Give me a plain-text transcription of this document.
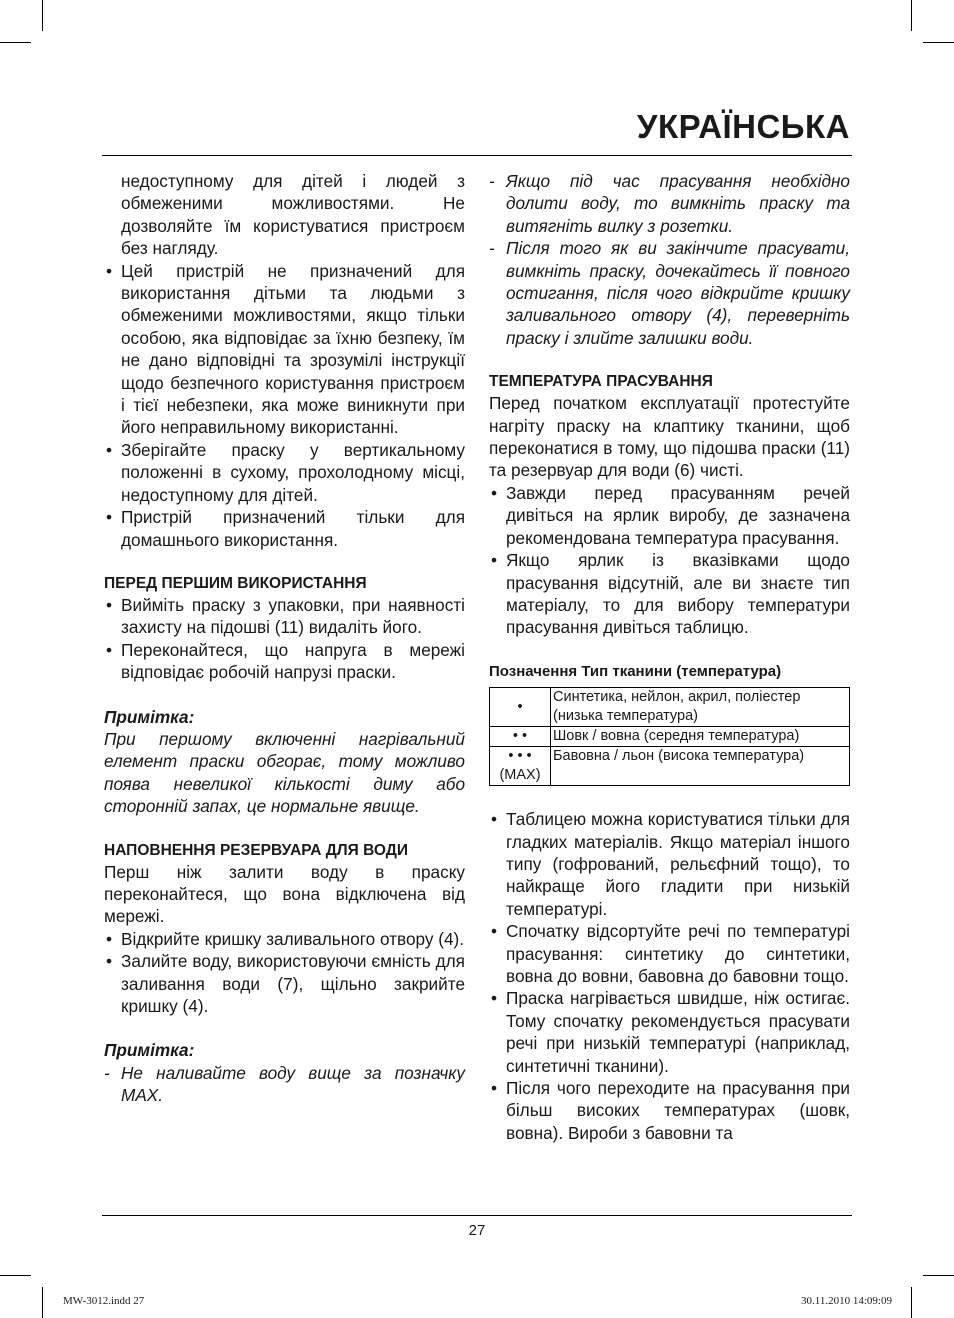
УКРАЇНСЬКА

недоступному для дітей і людей з обмеженими можливостями. Не дозволяйте їм користуватися пристроєм без нагляду.

• Цей пристрій не призначений для використання дітьми та людьми з обмеженими можливостями, якщо тільки особою, яка відповідає за їхню безпеку, їм не дано відповідні та зрозумілі інструкції щодо безпечного користування пристроєм і тієї небезпеки, яка може виникнути при його неправильному використанні.
• Зберігайте праску у вертикальному положенні в сухому, прохолодному місці, недоступному для дітей.
• Пристрій призначений тільки для домашнього використання.
ПЕРЕД ПЕРШИМ ВИКОРИСТАННЯ
• Вийміть праску з упаковки, при наявності захисту на підошві (11) видаліть його.
• Переконайтеся, що напруга в мережі відповідає робочій напрузі праски.

Примітка:

При першому включенні нагрівальний елемент праски обгорає, тому можливо поява невеликої кількості диму або сторонній запах, це нормальне явище.

НАПОВНЕННЯ РЕЗЕРВУАРА ДЛЯ ВОДИ

Перш ніж залити воду в праску переконайтеся, що вона відключена від мережі.

• Відкрийте кришку заливального отвору (4).
• Залийте воду, використовуючи ємність для заливання води (7), щільно закрийте кришку (4).

Примітка:

- Не наливайте воду вище за позначку MAX.
- Якщо під час прасування необхідно долити воду, то вимкніть праску та витягніть вилку з розетки.
- Після того як ви закінчите прасувати, вимкніть праску, дочекайтесь її повного остигання, після чого відкрийте кришку заливального отвору (4), переверніть праску і злийте залишки води.
ТЕМПЕРАТУРА ПРАСУВАННЯ

Перед початком експлуатації протестуйте нагріту праску на клаптику тканини, щоб переконатися в тому, що підошва праски (11) та резервуар для води (6) чисті.

• Завжди перед прасуванням речей дивіться на ярлик виробу, де зазначена рекомендована температура прасування.
• Якщо ярлик із вказівками щодо прасування відсутній, але ви знаєте тип матеріалу, то для вибору температури прасування дивіться таблицю.

Позначення Тип тканини (температура)

•	Синтетика, нейлон, акрил, поліестер (низька температура)
• •	Шовк / вовна (середня температура)
• • •
(MAX)	Бавовна / льон (висока температура)
• Таблицею можна користуватися тільки для гладких матеріалів. Якщо матеріал іншого типу (гофрований, рельєфний тощо), то найкраще його гладити при низькій температурі.
• Спочатку відсортуйте речі по температурі прасування: синтетику до синтетики, вовна до вовни, бавовна до бавовни тощо.
• Праска нагрівається швидше, ніж остигає. Тому спочатку рекомендується прасувати речі при низькій температурі (наприклад, синтетичні тканини).
• Після чого переходите на прасування при більш високих температурах (шовк, вовна). Вироби з бавовни та
27
MW-3012.indd 27	30.11.2010 14:09:09
